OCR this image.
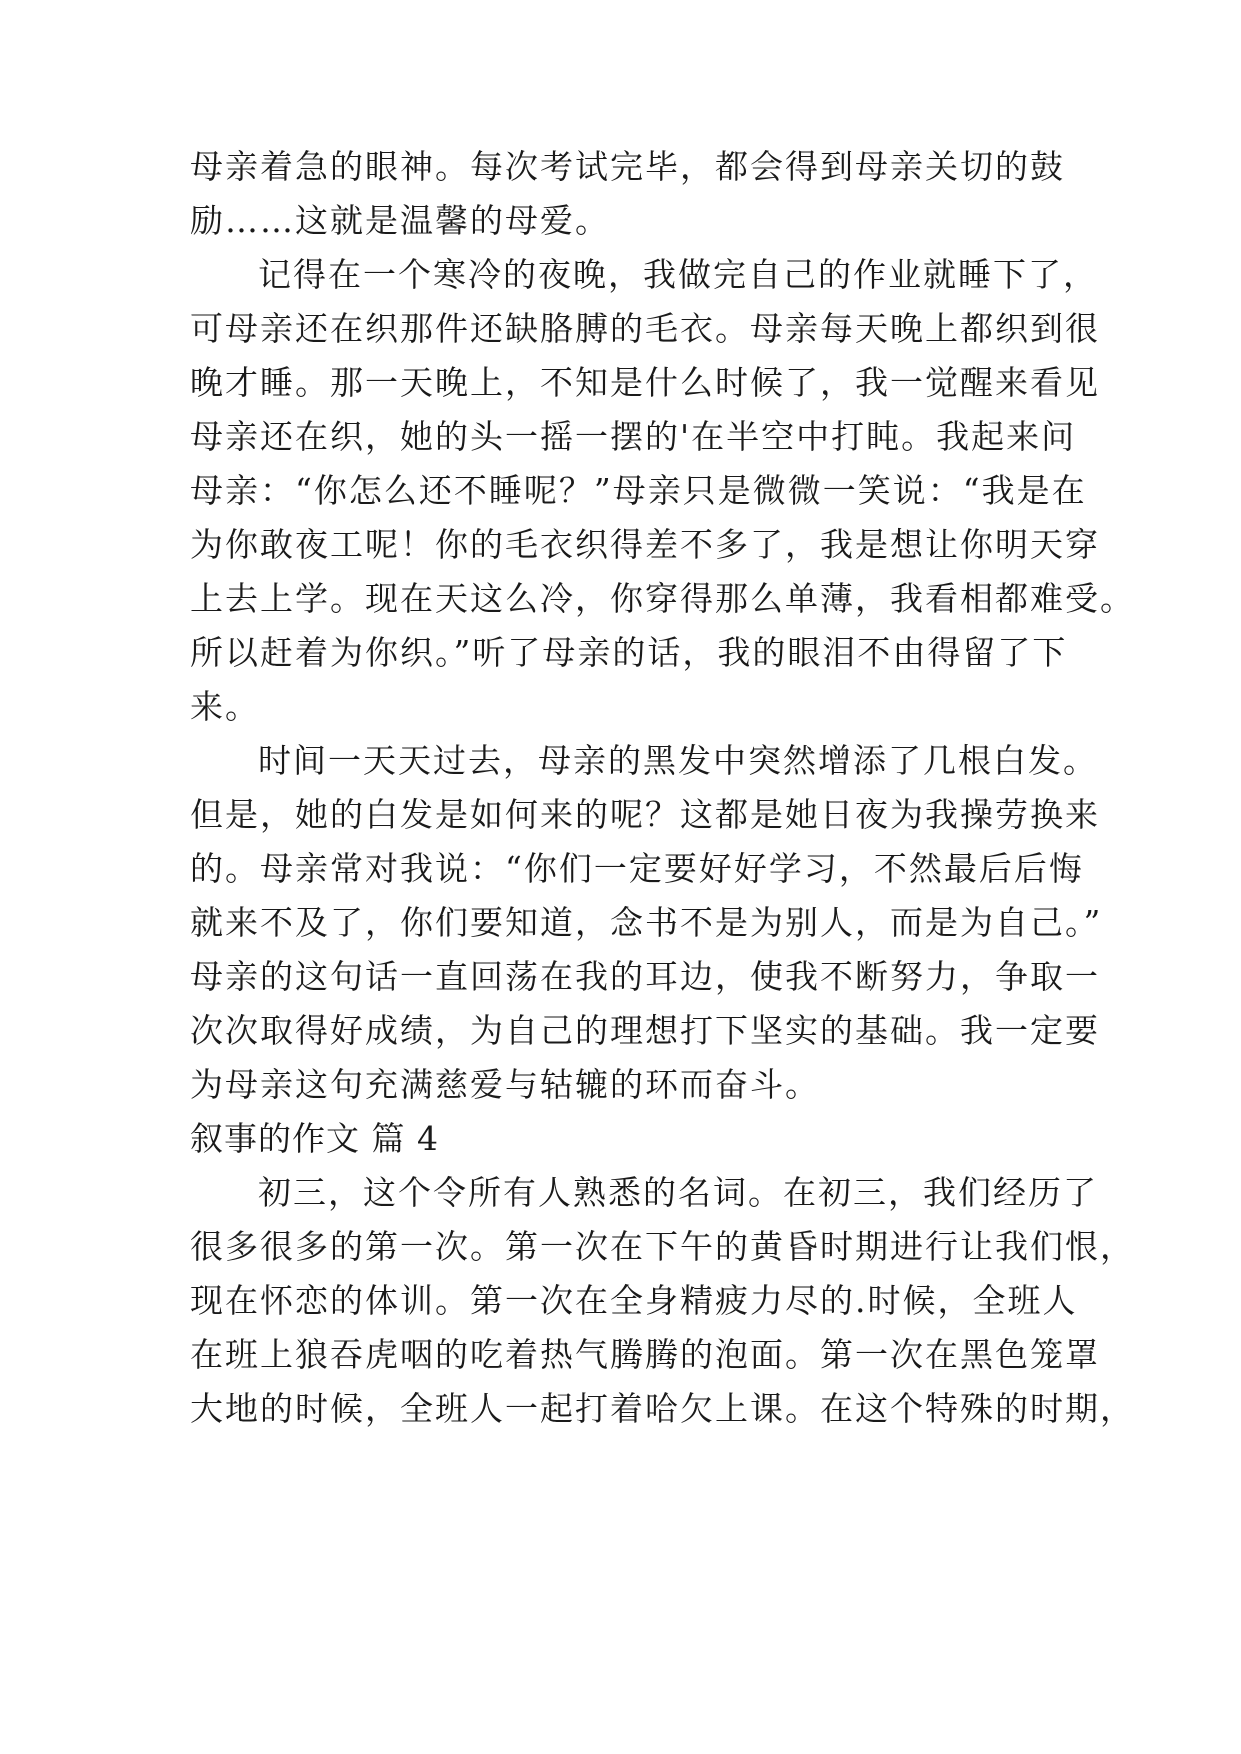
母亲着急的眼神。每次考试完毕，都会得到母亲关切的鼓
励……这就是温馨的母爱。
记得在一个寒冷的夜晚，我做完自己的作业就睡下了，
可母亲还在织那件还缺胳膊的毛衣。母亲每天晚上都织到很
晚才睡。那一天晚上，不知是什么时候了，我一觉醒来看见
母亲还在织，她的头一摇一摆的'在半空中打盹。我起来问
母亲：“你怎么还不睡呢？”母亲只是微微一笑说：“我是在
为你敢夜工呢！你的毛衣织得差不多了，我是想让你明天穿
上去上学。现在天这么冷，你穿得那么单薄，我看相都难受。
所以赶着为你织。”听了母亲的话，我的眼泪不由得留了下
来。
时间一天天过去，母亲的黑发中突然增添了几根白发。
但是，她的白发是如何来的呢？这都是她日夜为我操劳换来
的。母亲常对我说：“你们一定要好好学习，不然最后后悔
就来不及了，你们要知道，念书不是为别人，而是为自己。”
母亲的这句话一直回荡在我的耳边，使我不断努力，争取一
次次取得好成绩，为自己的理想打下坚实的基础。我一定要
为母亲这句充满慈爱与轱辘的环而奋斗。
叙事的作文 篇 4
初三，这个令所有人熟悉的名词。在初三，我们经历了
很多很多的第一次。第一次在下午的黄昏时期进行让我们恨，
现在怀恋的体训。第一次在全身精疲力尽的.时候，全班人
在班上狼吞虎咽的吃着热气腾腾的泡面。第一次在黑色笼罩
大地的时候，全班人一起打着哈欠上课。在这个特殊的时期，
